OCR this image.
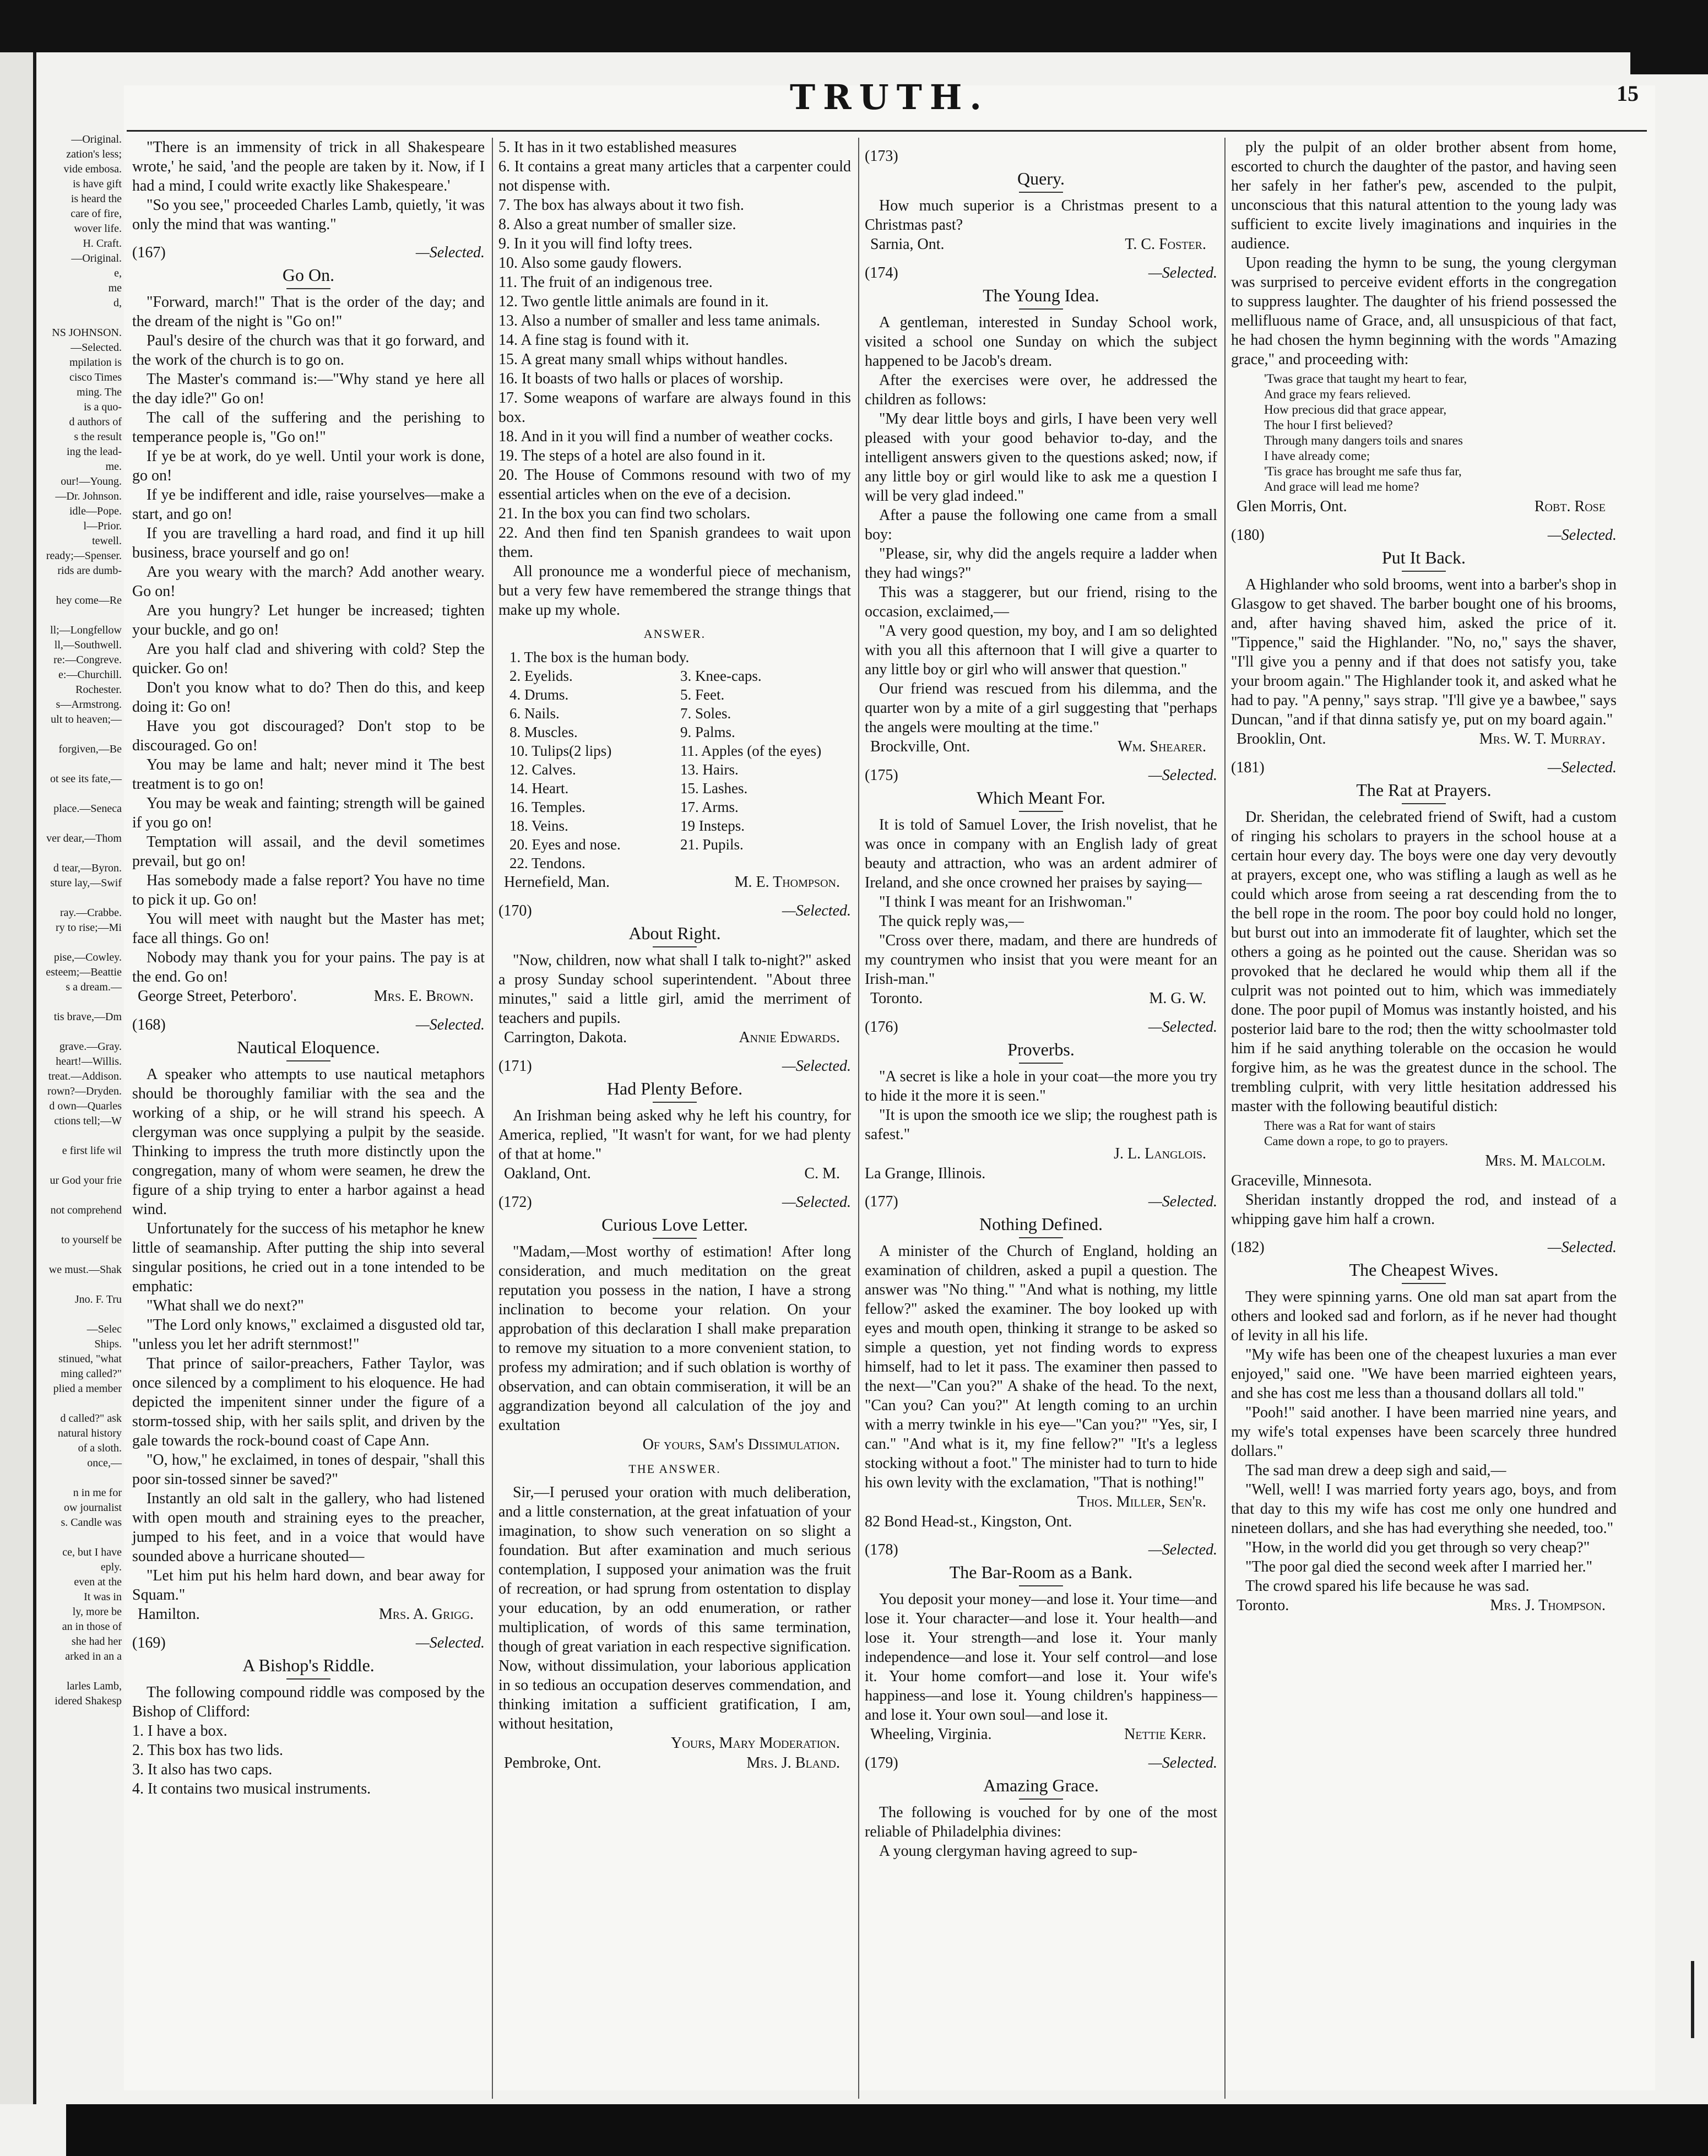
—Original.
zation's less;
vide embosa.
is have gift
is heard the
care of fire,
wover life.
H. Craft.
—Original.
e,
me
d,

NS JOHNSON.
—Selected.
mpilation is
cisco Times
ming. The
is a quo-
d authors of
s the result
ing the lead-
me.
our!—Young.
—Dr. Johnson.
idle—Pope.
l—Prior.
tewell.
ready;—Spenser.
rids are dumb-

hey come—Re

ll;—Longfellow
ll,—Southwell.
re:—Congreve.
e:—Churchill.
Rochester.
s—Armstrong.
ult to heaven;—

forgiven,—Be

ot see its fate,—

place.—Seneca

ver dear,—Thom

d tear,—Byron.
sture lay,—Swif

ray.—Crabbe.
ry to rise;—Mi

pise,—Cowley.
esteem;—Beattie
s a dream.—

tis brave,—Dm

grave.—Gray.
heart!—Willis.
treat.—Addison.
rown?—Dryden.
d own—Quarles
ctions tell;—W

e first life wil

ur God your frie

not comprehend

to yourself be

we must.—Shak

Jno. F. Tru

—Selec
Ships.
stinued, "what
ming called?"
plied a member

d called?" ask
natural history
of a sloth.
once,—

n in me for
ow journalist
s. Candle was

ce, but I have
eply.
even at the
It was in
ly, more be
an in those of
she had her
arked in an a

larles Lamb,
idered Shakesp
TRUTH.	15

"There is an immensity of trick in all Shakespeare wrote,' he said, 'and the people are taken by it. Now, if I had a mind, I could write exactly like Shakespeare.'

"So you see," proceeded Charles Lamb, quietly, 'it was only the mind that was wanting."

(167)	—Selected.
Go On.

"Forward, march!" That is the order of the day; and the dream of the night is "Go on!"

Paul's desire of the church was that it go forward, and the work of the church is to go on.

The Master's command is:—"Why stand ye here all the day idle?" Go on!

The call of the suffering and the perishing to temperance people is, "Go on!"

If ye be at work, do ye well. Until your work is done, go on!

If ye be indifferent and idle, raise yourselves—make a start, and go on!

If you are travelling a hard road, and find it up hill business, brace yourself and go on!

Are you weary with the march? Add another weary. Go on!

Are you hungry? Let hunger be increased; tighten your buckle, and go on!

Are you half clad and shivering with cold? Step the quicker. Go on!

Don't you know what to do? Then do this, and keep doing it: Go on!

Have you got discouraged? Don't stop to be discouraged. Go on!

You may be lame and halt; never mind it The best treatment is to go on!

You may be weak and fainting; strength will be gained if you go on!

Temptation will assail, and the devil sometimes prevail, but go on!

Has somebody made a false report? You have no time to pick it up. Go on!

You will meet with naught but the Master has met; face all things. Go on!

Nobody may thank you for your pains. The pay is at the end. Go on!

George Street, Peterboro'.	Mrs. E. Brown.
(168)	—Selected.
Nautical Eloquence.

A speaker who attempts to use nautical metaphors should be thoroughly familiar with the sea and the working of a ship, or he will strand his speech. A clergyman was once supplying a pulpit by the seaside. Thinking to impress the truth more distinctly upon the congregation, many of whom were seamen, he drew the figure of a ship trying to enter a harbor against a head wind.

Unfortunately for the success of his metaphor he knew little of seamanship. After putting the ship into several singular positions, he cried out in a tone intended to be emphatic:

"What shall we do next?"

"The Lord only knows," exclaimed a disgusted old tar, "unless you let her adrift sternmost!"

That prince of sailor-preachers, Father Taylor, was once silenced by a compliment to his eloquence. He had depicted the impenitent sinner under the figure of a storm-tossed ship, with her sails split, and driven by the gale towards the rock-bound coast of Cape Ann.

"O, how," he exclaimed, in tones of despair, "shall this poor sin-tossed sinner be saved?"

Instantly an old salt in the gallery, who had listened with open mouth and straining eyes to the preacher, jumped to his feet, and in a voice that would have sounded above a hurricane shouted—

"Let him put his helm hard down, and bear away for Squam."

Hamilton.	Mrs. A. Grigg.
(169)	—Selected.
A Bishop's Riddle.

The following compound riddle was composed by the Bishop of Clifford:

1. I have a box.
2. This box has two lids.
3. It also has two caps.
4. It contains two musical instruments.
5. It has in it two established measures
6. It contains a great many articles that a carpenter could not dispense with.
7. The box has always about it two fish.
8. Also a great number of smaller size.
9. In it you will find lofty trees.
10. Also some gaudy flowers.
11. The fruit of an indigenous tree.
12. Two gentle little animals are found in it.
13. Also a number of smaller and less tame animals.
14. A fine stag is found with it.
15. A great many small whips without handles.
16. It boasts of two halls or places of worship.
17. Some weapons of warfare are always found in this box.
18. And in it you will find a number of weather cocks.
19. The steps of a hotel are also found in it.
20. The House of Commons resound with two of my essential articles when on the eve of a decision.
21. In the box you can find two scholars.
22. And then find ten Spanish grandees to wait upon them.

All pronounce me a wonderful piece of mechanism, but a very few have remembered the strange things that make up my whole.

ANSWER.
1. The box is the human body.
2. Eyelids.	3. Knee-caps.
4. Drums.	5. Feet.
6. Nails.	7. Soles.
8. Muscles.	9. Palms.
10. Tulips(2 lips)	11. Apples (of the eyes)
12. Calves.	13. Hairs.
14. Heart.	15. Lashes.
16. Temples.	17. Arms.
18. Veins.	19 Insteps.
20. Eyes and nose.	21. Pupils.
22. Tendons.
Hernefield, Man.	M. E. Thompson.
(170)	—Selected.
About Right.

"Now, children, now what shall I talk to-night?" asked a prosy Sunday school superintendent. "About three minutes," said a little girl, amid the merriment of teachers and pupils.

Carrington, Dakota.	Annie Edwards.
(171)	—Selected.
Had Plenty Before.

An Irishman being asked why he left his country, for America, replied, "It wasn't for want, for we had plenty of that at home."

Oakland, Ont.	C. M.
(172)	—Selected.
Curious Love Letter.

"Madam,—Most worthy of estimation! After long consideration, and much meditation on the great reputation you possess in the nation, I have a strong inclination to become your relation. On your approbation of this declaration I shall make preparation to remove my situation to a more convenient station, to profess my admiration; and if such oblation is worthy of observation, and can obtain commiseration, it will be an aggrandization beyond all calculation of the joy and exultation

Of yours, Sam's Dissimulation.
THE ANSWER.

Sir,—I perused your oration with much deliberation, and a little consternation, at the great infatuation of your imagination, to show such veneration on so slight a foundation. But after examination and much serious contemplation, I supposed your animation was the fruit of recreation, or had sprung from ostentation to display your education, by an odd enumeration, or rather multiplication, of words of this same termination, though of great variation in each respective signification. Now, without dissimulation, your laborious application in so tedious an occupation deserves commendation, and thinking imitation a sufficient gratification, I am, without hesitation,

Yours, Mary Moderation.
Pembroke, Ont.	Mrs. J. Bland.
(173)
Query.

How much superior is a Christmas present to a Christmas past?

Sarnia, Ont.	T. C. Foster.
(174)	—Selected.
The Young Idea.

A gentleman, interested in Sunday School work, visited a school one Sunday on which the subject happened to be Jacob's dream.

After the exercises were over, he addressed the children as follows:

"My dear little boys and girls, I have been very well pleased with your good behavior to-day, and the intelligent answers given to the questions asked; now, if any little boy or girl would like to ask me a question I will be very glad indeed."

After a pause the following one came from a small boy:

"Please, sir, why did the angels require a ladder when they had wings?"

This was a staggerer, but our friend, rising to the occasion, exclaimed,—

"A very good question, my boy, and I am so delighted with you all this afternoon that I will give a quarter to any little boy or girl who will answer that question."

Our friend was rescued from his dilemma, and the quarter won by a mite of a girl suggesting that "perhaps the angels were moulting at the time."

Brockville, Ont.	Wm. Shearer.
(175)	—Selected.
Which Meant For.

It is told of Samuel Lover, the Irish novelist, that he was once in company with an English lady of great beauty and attraction, who was an ardent admirer of Ireland, and she once crowned her praises by saying—

"I think I was meant for an Irishwoman."

The quick reply was,—

"Cross over there, madam, and there are hundreds of my countrymen who insist that you were meant for an Irish-man."

Toronto.	M. G. W.
(176)	—Selected.
Proverbs.

"A secret is like a hole in your coat—the more you try to hide it the more it is seen."

"It is upon the smooth ice we slip; the roughest path is safest."

J. L. Langlois.
La Grange, Illinois.
(177)	—Selected.
Nothing Defined.

A minister of the Church of England, holding an examination of children, asked a pupil a question. The answer was "No thing." "And what is nothing, my little fellow?" asked the examiner. The boy looked up with eyes and mouth open, thinking it strange to be asked so simple a question, yet not finding words to express himself, had to let it pass. The examiner then passed to the next—"Can you?" A shake of the head. To the next, "Can you? Can you?" At length coming to an urchin with a merry twinkle in his eye—"Can you?" "Yes, sir, I can." "And what is it, my fine fellow?" "It's a legless stocking without a foot." The minister had to turn to hide his own levity with the exclamation, "That is nothing!"

Thos. Miller, Sen'r.
82 Bond Head-st., Kingston, Ont.
(178)	—Selected.
The Bar-Room as a Bank.

You deposit your money—and lose it. Your time—and lose it. Your character—and lose it. Your health—and lose it. Your strength—and lose it. Your manly independence—and lose it. Your self control—and lose it. Your home comfort—and lose it. Your wife's happiness—and lose it. Young children's happiness—and lose it. Your own soul—and lose it.

Wheeling, Virginia.	Nettie Kerr.
(179)	—Selected.
Amazing Grace.

The following is vouched for by one of the most reliable of Philadelphia divines:

A young clergyman having agreed to sup-

ply the pulpit of an older brother absent from home, escorted to church the daughter of the pastor, and having seen her safely in her father's pew, ascended to the pulpit, unconscious that this natural attention to the young lady was sufficient to excite lively imaginations and inquiries in the audience.

Upon reading the hymn to be sung, the young clergyman was surprised to perceive evident efforts in the congregation to suppress laughter. The daughter of his friend possessed the mellifluous name of Grace, and, all unsuspicious of that fact, he had chosen the hymn beginning with the words "Amazing grace," and proceeding with:

'Twas grace that taught my heart to fear,
And grace my fears relieved.
How precious did that grace appear,
The hour I first believed?
Through many dangers toils and snares
I have already come;
'Tis grace has brought me safe thus far,
And grace will lead me home?
Glen Morris, Ont.	Robt. Rose
(180)	—Selected.
Put It Back.

A Highlander who sold brooms, went into a barber's shop in Glasgow to get shaved. The barber bought one of his brooms, and, after having shaved him, asked the price of it. "Tippence," said the Highlander. "No, no," says the shaver, "I'll give you a penny and if that does not satisfy you, take your broom again." The Highlander took it, and asked what he had to pay. "A penny," says strap. "I'll give ye a bawbee," says Duncan, "and if that dinna satisfy ye, put on my board again."

Brooklin, Ont.	Mrs. W. T. Murray.
(181)	—Selected.
The Rat at Prayers.

Dr. Sheridan, the celebrated friend of Swift, had a custom of ringing his scholars to prayers in the school house at a certain hour every day. The boys were one day very devoutly at prayers, except one, who was stifling a laugh as well as he could which arose from seeing a rat descending from the to the bell rope in the room. The poor boy could hold no longer, but burst out into an immoderate fit of laughter, which set the others a going as he pointed out the cause. Sheridan was so provoked that he declared he would whip them all if the culprit was not pointed out to him, which was immediately done. The poor pupil of Momus was instantly hoisted, and his posterior laid bare to the rod; then the witty schoolmaster told him if he said anything tolerable on the occasion he would forgive him, as he was the greatest dunce in the school. The trembling culprit, with very little hesitation addressed his master with the following beautiful distich:

There was a Rat for want of stairs
Came down a rope, to go to prayers.
Mrs. M. Malcolm.
Graceville, Minnesota.

Sheridan instantly dropped the rod, and instead of a whipping gave him half a crown.

(182)	—Selected.
The Cheapest Wives.

They were spinning yarns. One old man sat apart from the others and looked sad and forlorn, as if he never had thought of levity in all his life.

"My wife has been one of the cheapest luxuries a man ever enjoyed," said one. "We have been married eighteen years, and she has cost me less than a thousand dollars all told."

"Pooh!" said another. I have been married nine years, and my wife's total expenses have been scarcely three hundred dollars."

The sad man drew a deep sigh and said,—

"Well, well! I was married forty years ago, boys, and from that day to this my wife has cost me only one hundred and nineteen dollars, and she has had everything she needed, too."

"How, in the world did you get through so very cheap?"

"The poor gal died the second week after I married her."

The crowd spared his life because he was sad.

Toronto.	Mrs. J. Thompson.
